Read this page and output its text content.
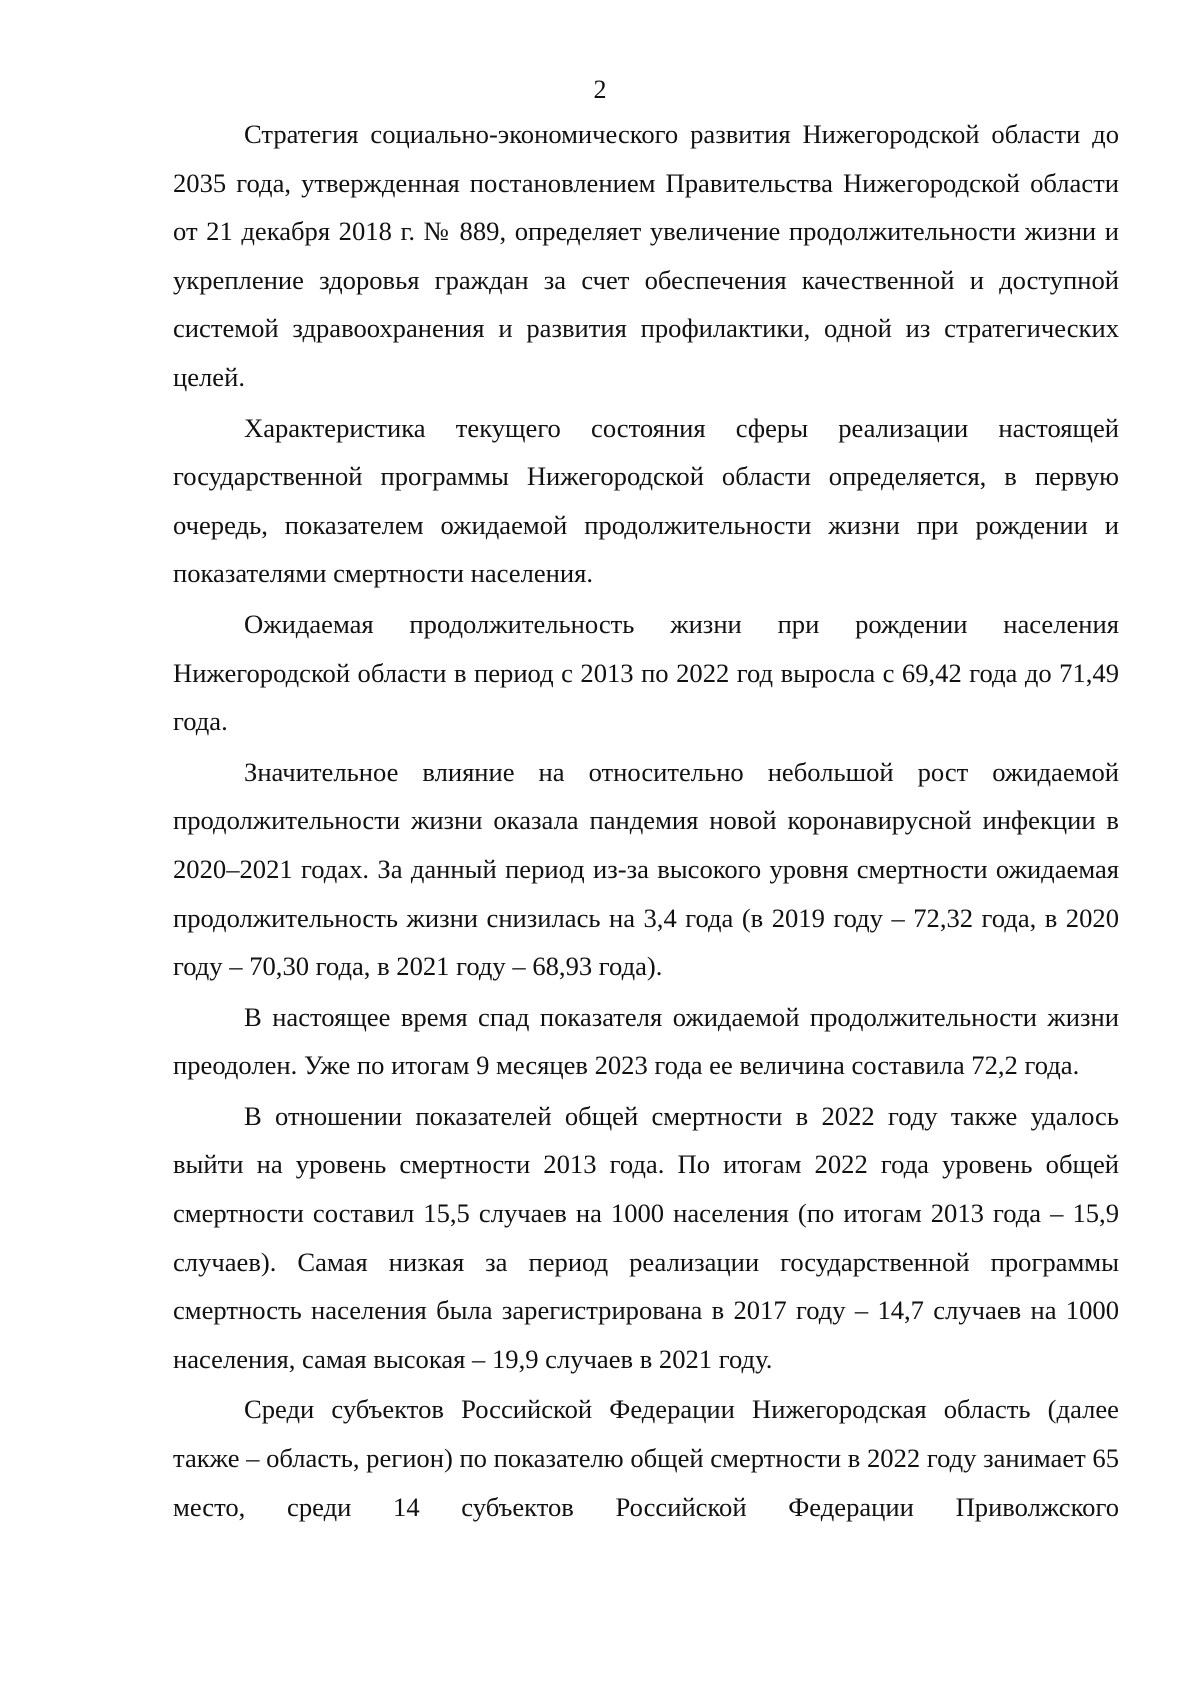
2

Стратегия социально-экономического развития Нижегородской области до 2035 года, утвержденная постановлением Правительства Нижегородской области от 21 декабря 2018 г. № 889, определяет увеличение продолжительности жизни и укрепление здоровья граждан за счет обеспечения качественной и доступной системой здравоохранения и развития профилактики, одной из стратегических целей.

Характеристика текущего состояния сферы реализации настоящей государственной программы Нижегородской области определяется, в первую очередь, показателем ожидаемой продолжительности жизни при рождении и показателями смертности населения.

Ожидаемая продолжительность жизни при рождении населения Нижегородской области в период с 2013 по 2022 год выросла с 69,42 года до 71,49 года.

Значительное влияние на относительно небольшой рост ожидаемой продолжительности жизни оказала пандемия новой коронавирусной инфекции в 2020–2021 годах. За данный период из-за высокого уровня смертности ожидаемая продолжительность жизни снизилась на 3,4 года (в 2019 году – 72,32 года, в 2020 году – 70,30 года, в 2021 году – 68,93 года).

В настоящее время спад показателя ожидаемой продолжительности жизни преодолен. Уже по итогам 9 месяцев 2023 года ее величина составила 72,2 года.

В отношении показателей общей смертности в 2022 году также удалось выйти на уровень смертности 2013 года. По итогам 2022 года уровень общей смертности составил 15,5 случаев на 1000 населения (по итогам 2013 года – 15,9 случаев). Самая низкая за период реализации государственной программы смертность населения была зарегистрирована в 2017 году – 14,7 случаев на 1000 населения, самая высокая – 19,9 случаев в 2021 году.

Среди субъектов Российской Федерации Нижегородская область (далее также – область, регион) по показателю общей смертности в 2022 году занимает 65 место, среди 14 субъектов Российской Федерации Приволжского
